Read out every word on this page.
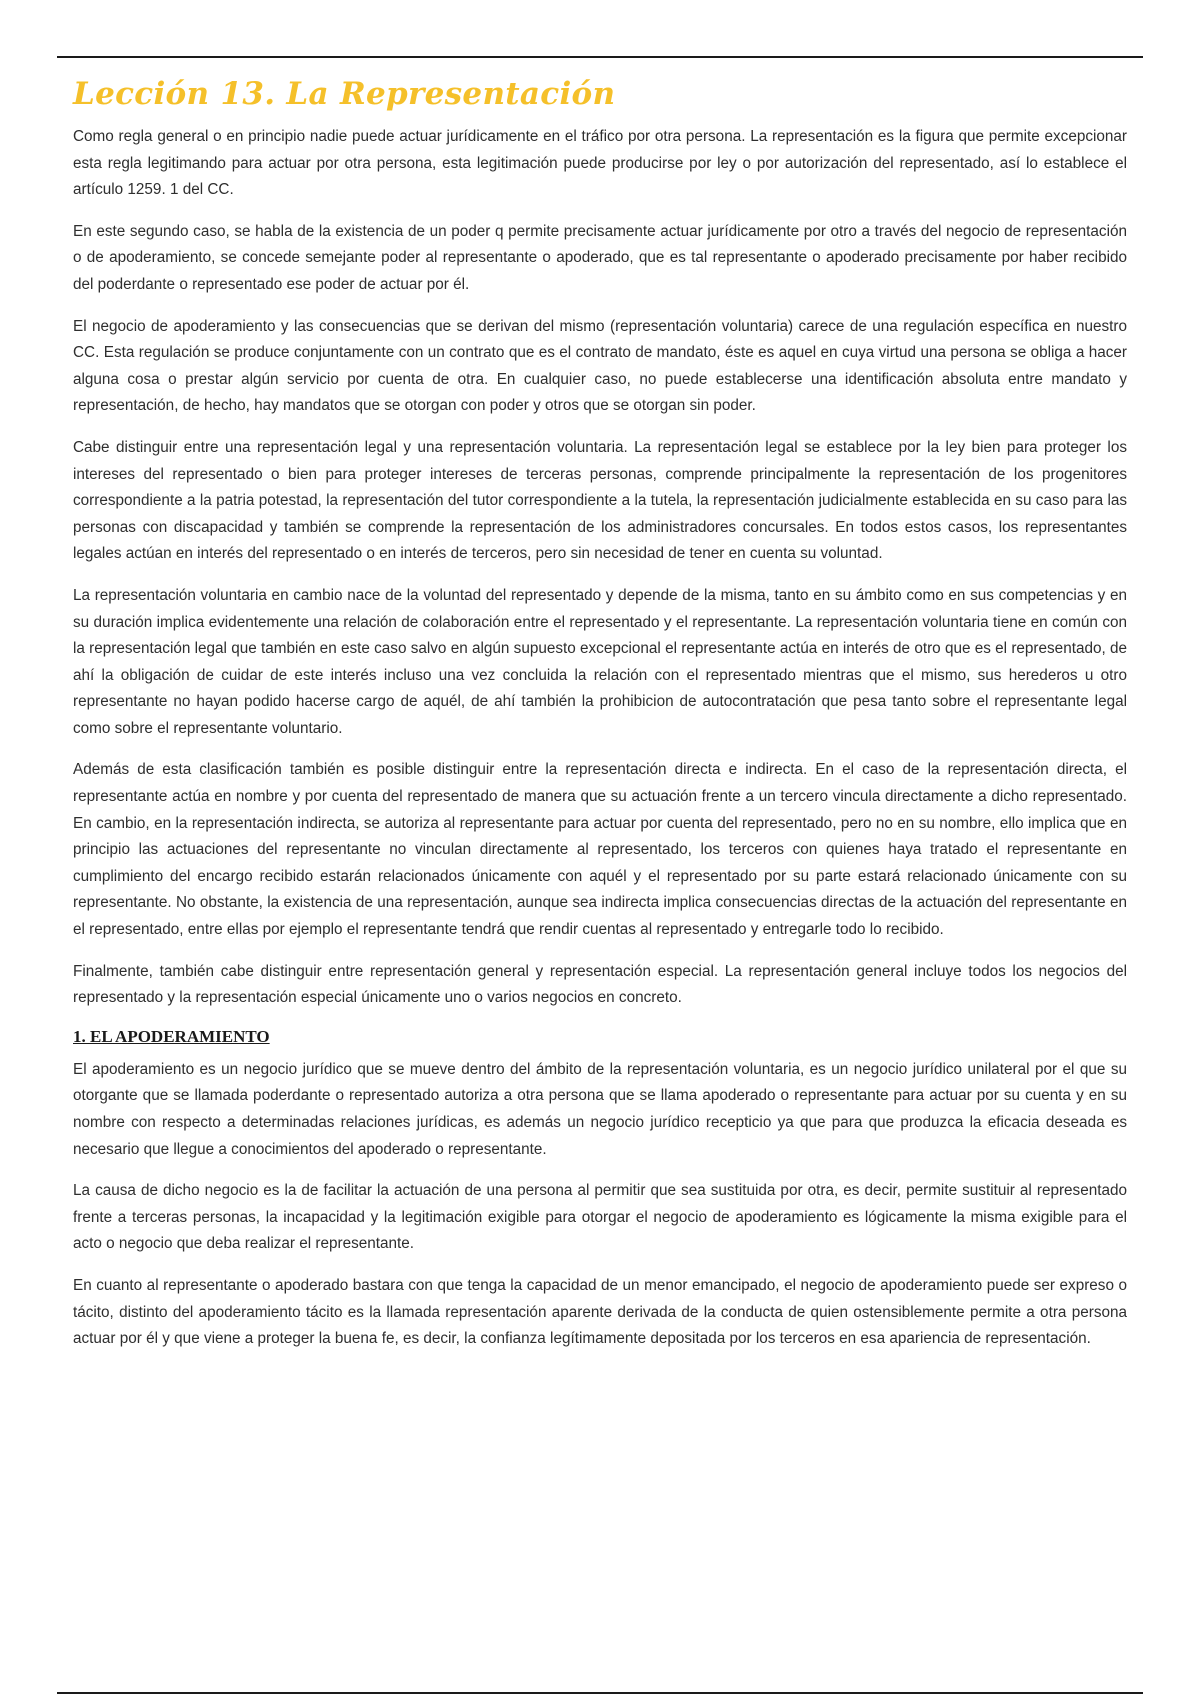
Lección 13. La Representación

Como regla general o en principio nadie puede actuar jurídicamente en el tráfico por otra persona. La representación es la figura que permite excepcionar esta regla legitimando para actuar por otra persona, esta legitimación puede producirse por ley o por autorización del representado, así lo establece el artículo 1259. 1 del CC.

En este segundo caso, se habla de la existencia de un poder q permite precisamente actuar jurídicamente por otro a través del negocio de representación o de apoderamiento, se concede semejante poder al representante o apoderado, que es tal representante o apoderado precisamente por haber recibido del poderdante o representado ese poder de actuar por él.

El negocio de apoderamiento y las consecuencias que se derivan del mismo (representación voluntaria) carece de una regulación específica en nuestro CC. Esta regulación se produce conjuntamente con un contrato que es el contrato de mandato, éste es aquel en cuya virtud una persona se obliga a hacer alguna cosa o prestar algún servicio por cuenta de otra. En cualquier caso, no puede establecerse una identificación absoluta entre mandato y representación, de hecho, hay mandatos que se otorgan con poder y otros que se otorgan sin poder.

Cabe distinguir entre una representación legal y una representación voluntaria. La representación legal se establece por la ley bien para proteger los intereses del representado o bien para proteger intereses de terceras personas, comprende principalmente la representación de los progenitores correspondiente a la patria potestad, la representación del tutor correspondiente a la tutela, la representación judicialmente establecida en su caso para las personas con discapacidad y también se comprende la representación de los administradores concursales. En todos estos casos, los representantes legales actúan en interés del representado o en interés de terceros, pero sin necesidad de tener en cuenta su voluntad.

La representación voluntaria en cambio nace de la voluntad del representado y depende de la misma, tanto en su ámbito como en sus competencias y en su duración implica evidentemente una relación de colaboración entre el representado y el representante. La representación voluntaria tiene en común con la representación legal que también en este caso salvo en algún supuesto excepcional el representante actúa en interés de otro que es el representado, de ahí la obligación de cuidar de este interés incluso una vez concluida la relación con el representado mientras que el mismo, sus herederos u otro representante no hayan podido hacerse cargo de aquél, de ahí también la prohibicion de autocontratación que pesa tanto sobre el representante legal como sobre el representante voluntario.

Además de esta clasificación también es posible distinguir entre la representación directa e indirecta. En el caso de la representación directa, el representante actúa en nombre y por cuenta del representado de manera que su actuación frente a un tercero vincula directamente a dicho representado. En cambio, en la representación indirecta, se autoriza al representante para actuar por cuenta del representado, pero no en su nombre, ello implica que en principio las actuaciones del representante no vinculan directamente al representado, los terceros con quienes haya tratado el representante en cumplimiento del encargo recibido estarán relacionados únicamente con aquél y el representado por su parte estará relacionado únicamente con su representante. No obstante, la existencia de una representación, aunque sea indirecta implica consecuencias directas de la actuación del representante en el representado, entre ellas por ejemplo el representante tendrá que rendir cuentas al representado y entregarle todo lo recibido.

Finalmente, también cabe distinguir entre representación general y representación especial. La representación general incluye todos los negocios del representado y la representación especial únicamente uno o varios negocios en concreto.

1. EL APODERAMIENTO

El apoderamiento es un negocio jurídico que se mueve dentro del ámbito de la representación voluntaria, es un negocio jurídico unilateral por el que su otorgante que se llamada poderdante o representado autoriza a otra persona que se llama apoderado o representante para actuar por su cuenta y en su nombre con respecto a determinadas relaciones jurídicas, es además un negocio jurídico recepticio ya que para que produzca la eficacia deseada es necesario que llegue a conocimientos del apoderado o representante.

La causa de dicho negocio es la de facilitar la actuación de una persona al permitir que sea sustituida por otra, es decir, permite sustituir al representado frente a terceras personas, la incapacidad y la legitimación exigible para otorgar el negocio de apoderamiento es lógicamente la misma exigible para el acto o negocio que deba realizar el representante.

En cuanto al representante o apoderado bastara con que tenga la capacidad de un menor emancipado, el negocio de apoderamiento puede ser expreso o tácito, distinto del apoderamiento tácito es la llamada representación aparente derivada de la conducta de quien ostensiblemente permite a otra persona actuar por él y que viene a proteger la buena fe, es decir, la confianza legítimamente depositada por los terceros en esa apariencia de representación.
